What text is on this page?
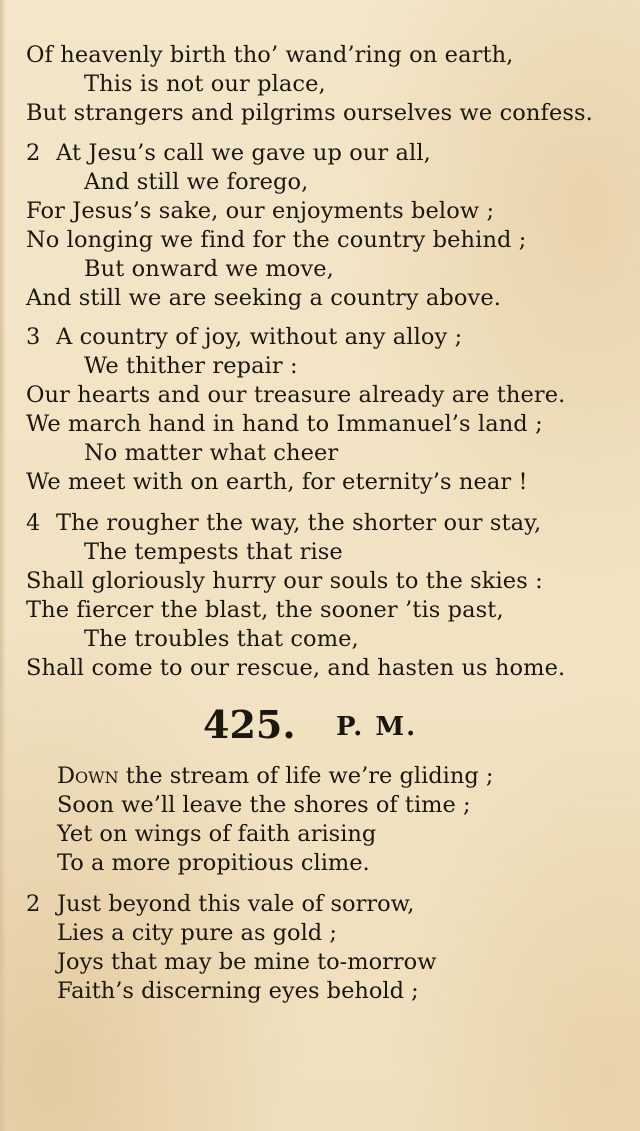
Of heavenly birth tho’ wand’ring on earth,
This is not our place,
But strangers and pilgrims ourselves we confess.
2 At Jesu’s call we gave up our all,
And still we forego,
For Jesus’s sake, our enjoyments below ;
No longing we find for the country behind ;
But onward we move,
And still we are seeking a country above.
3 A country of joy, without any alloy ;
We thither repair :
Our hearts and our treasure already are there.
We march hand in hand to Immanuel’s land ;
No matter what cheer
We meet with on earth, for eternity’s near !
4 The rougher the way, the shorter our stay,
The tempests that rise
Shall gloriously hurry our souls to the skies :
The fiercer the blast, the sooner ’tis past,
The troubles that come,
Shall come to our rescue, and hasten us home.
425. P. M.
Down the stream of life we’re gliding ;
Soon we’ll leave the shores of time ;
Yet on wings of faith arising
To a more propitious clime.
2 Just beyond this vale of sorrow,
Lies a city pure as gold ;
Joys that may be mine to-morrow
Faith’s discerning eyes behold ;
